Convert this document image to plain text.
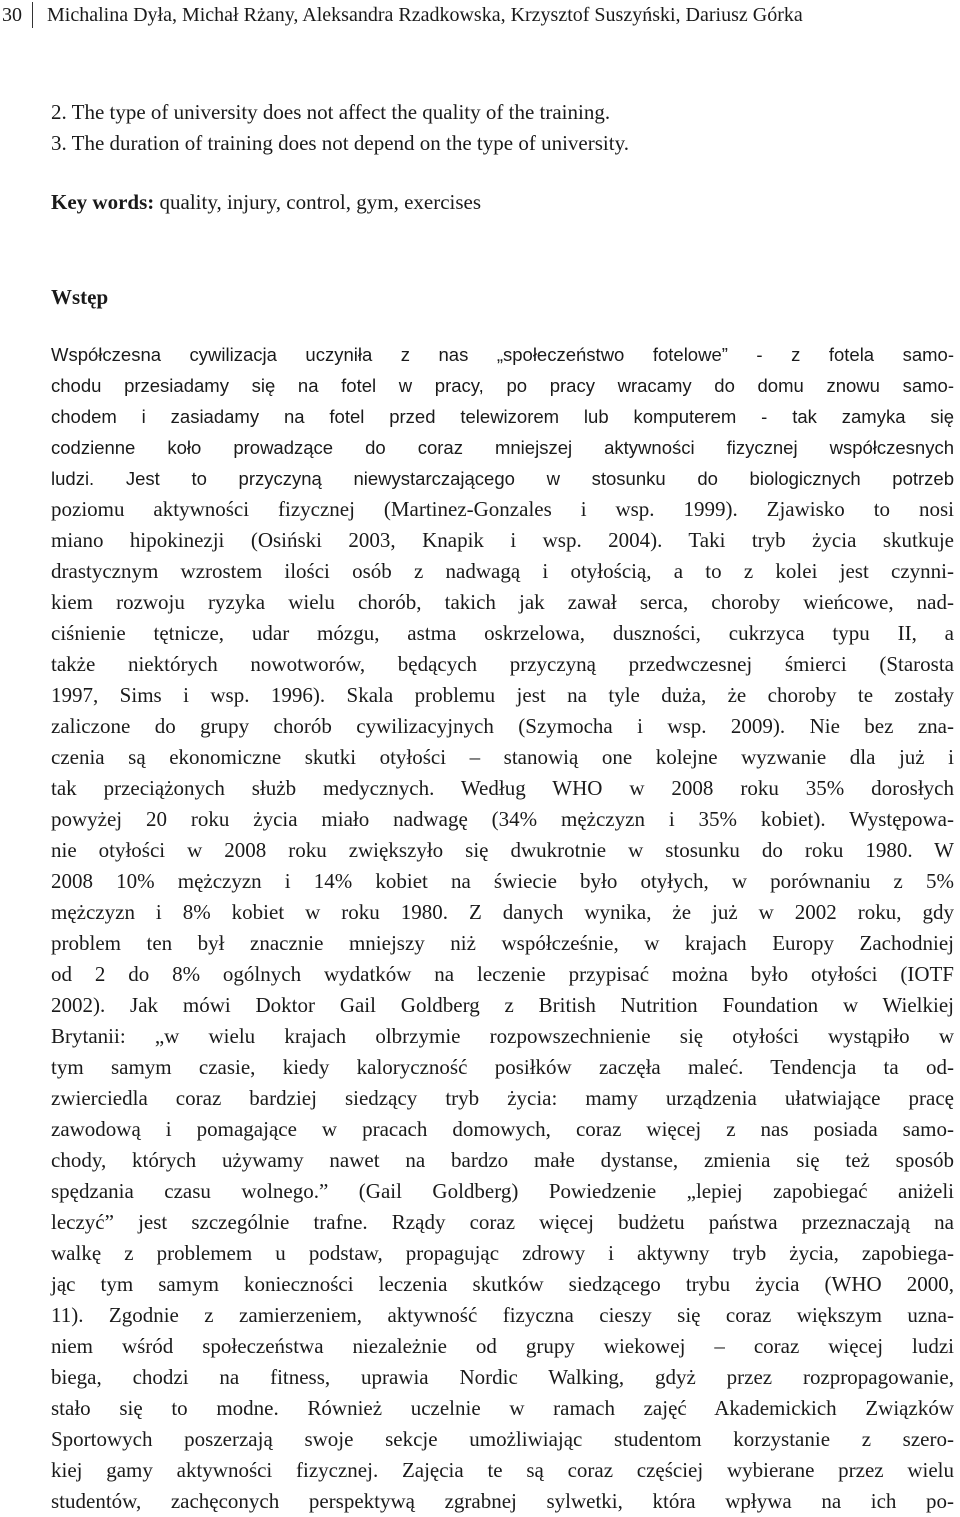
30	Michalina Dyła, Michał Rżany, Aleksandra Rzadkowska, Krzysztof Suszyński, Dariusz Górka
2. The type of university does not affect the quality of the training.
3. The duration of training does not depend on the type of university.
Key words: quality, injury, control, gym, exercises
Wstęp
Współczesna cywilizacja uczyniła z nas „społeczeństwo fotelowe” - z fotela samo-
chodu przesiadamy się na fotel w pracy, po pracy wracamy do domu znowu samo-
chodem i zasiadamy na fotel przed telewizorem lub komputerem - tak zamyka się
codzienne koło prowadzące do coraz mniejszej aktywności fizycznej współczesnych
ludzi. Jest to przyczyną niewystarczającego w stosunku do biologicznych potrzeb
poziomu aktywności fizycznej (Martinez-Gonzales i wsp. 1999). Zjawisko to nosi
miano hipokinezji (Osiński 2003, Knapik i wsp. 2004). Taki tryb życia skutkuje
drastycznym wzrostem ilości osób z nadwagą i otyłością, a to z kolei jest czynni-
kiem rozwoju ryzyka wielu chorób, takich jak zawał serca, choroby wieńcowe, nad-
ciśnienie tętnicze, udar mózgu, astma oskrzelowa, duszności, cukrzyca typu II, a
także niektórych nowotworów, będących przyczyną przedwczesnej śmierci (Starosta
1997, Sims i wsp. 1996). Skala problemu jest na tyle duża, że choroby te zostały
zaliczone do grupy chorób cywilizacyjnych (Szymocha i wsp. 2009). Nie bez zna-
czenia są ekonomiczne skutki otyłości – stanowią one kolejne wyzwanie dla już i
tak przeciążonych służb medycznych. Według WHO w 2008 roku 35% dorosłych
powyżej 20 roku życia miało nadwagę (34% mężczyzn i 35% kobiet). Występowa-
nie otyłości w 2008 roku zwiększyło się dwukrotnie w stosunku do roku 1980. W
2008 10% mężczyzn i 14% kobiet na świecie było otyłych, w porównaniu z 5%
mężczyzn i 8% kobiet w roku 1980. Z danych wynika, że już w 2002 roku, gdy
problem ten był znacznie mniejszy niż współcześnie, w krajach Europy Zachodniej
od 2 do 8% ogólnych wydatków na leczenie przypisać można było otyłości (IOTF
2002). Jak mówi Doktor Gail Goldberg z British Nutrition Foundation w Wielkiej
Brytanii: „w wielu krajach olbrzymie rozpowszechnienie się otyłości wystąpiło w
tym samym czasie, kiedy kaloryczność posiłków zaczęła maleć. Tendencja ta od-
zwierciedla coraz bardziej siedzący tryb życia: mamy urządzenia ułatwiające pracę
zawodową i pomagające w pracach domowych, coraz więcej z nas posiada samo-
chody, których używamy nawet na bardzo małe dystanse, zmienia się też sposób
spędzania czasu wolnego.” (Gail Goldberg) Powiedzenie „lepiej zapobiegać aniżeli
leczyć” jest szczególnie trafne. Rządy coraz więcej budżetu państwa przeznaczają na
walkę z problemem u podstaw, propagując zdrowy i aktywny tryb życia, zapobiega-
jąc tym samym konieczności leczenia skutków siedzącego trybu życia (WHO 2000,
11). Zgodnie z zamierzeniem, aktywność fizyczna cieszy się coraz większym uzna-
niem wśród społeczeństwa niezależnie od grupy wiekowej – coraz więcej ludzi
biega, chodzi na fitness, uprawia Nordic Walking, gdyż przez rozpropagowanie,
stało się to modne. Również uczelnie w ramach zajęć Akademickich Związków
Sportowych poszerzają swoje sekcje umożliwiając studentom korzystanie z szero-
kiej gamy aktywności fizycznej. Zajęcia te są coraz częściej wybierane przez wielu
studentów, zachęconych perspektywą zgrabnej sylwetki, która wpływa na ich po-
